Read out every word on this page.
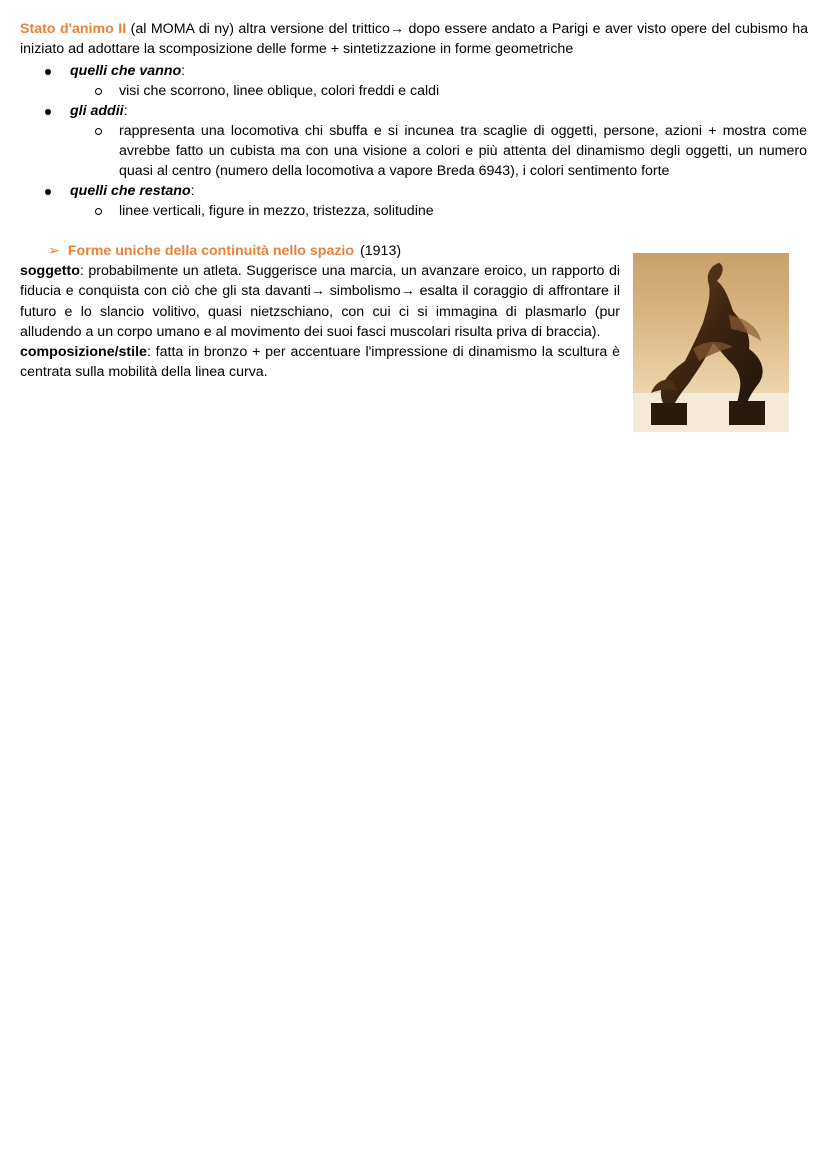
Stato d'animo II (al MOMA di ny) altra versione del trittico→ dopo essere andato a Parigi e aver visto opere del cubismo ha iniziato ad adottare la scomposizione delle forme + sintetizzazione in forme geometriche
quelli che vanno:
visi che scorrono, linee oblique, colori freddi e caldi
gli addii:
rappresenta una locomotiva chi sbuffa e si incunea tra scaglie di oggetti, persone, azioni + mostra come avrebbe fatto un cubista ma con una visione a colori e più attenta del dinamismo degli oggetti, un numero quasi al centro (numero della locomotiva a vapore Breda 6943), i colori sentimento forte
quelli che restano:
linee verticali, figure in mezzo, tristezza, solitudine
➢ Forme uniche della continuità nello spazio (1913)
soggetto: probabilmente un atleta. Suggerisce una marcia, un avanzare eroico, un rapporto di fiducia e conquista con ciò che gli sta davanti→ simbolismo→ esalta il coraggio di affrontare il futuro e lo slancio volitivo, quasi nietzschiano, con cui ci si immagina di plasmarlo (pur alludendo a un corpo umano e al movimento dei suoi fasci muscolari risulta priva di braccia).
composizione/stile: fatta in bronzo + per accentuare l'impressione di dinamismo la scultura è centrata sulla mobilità della linea curva.
